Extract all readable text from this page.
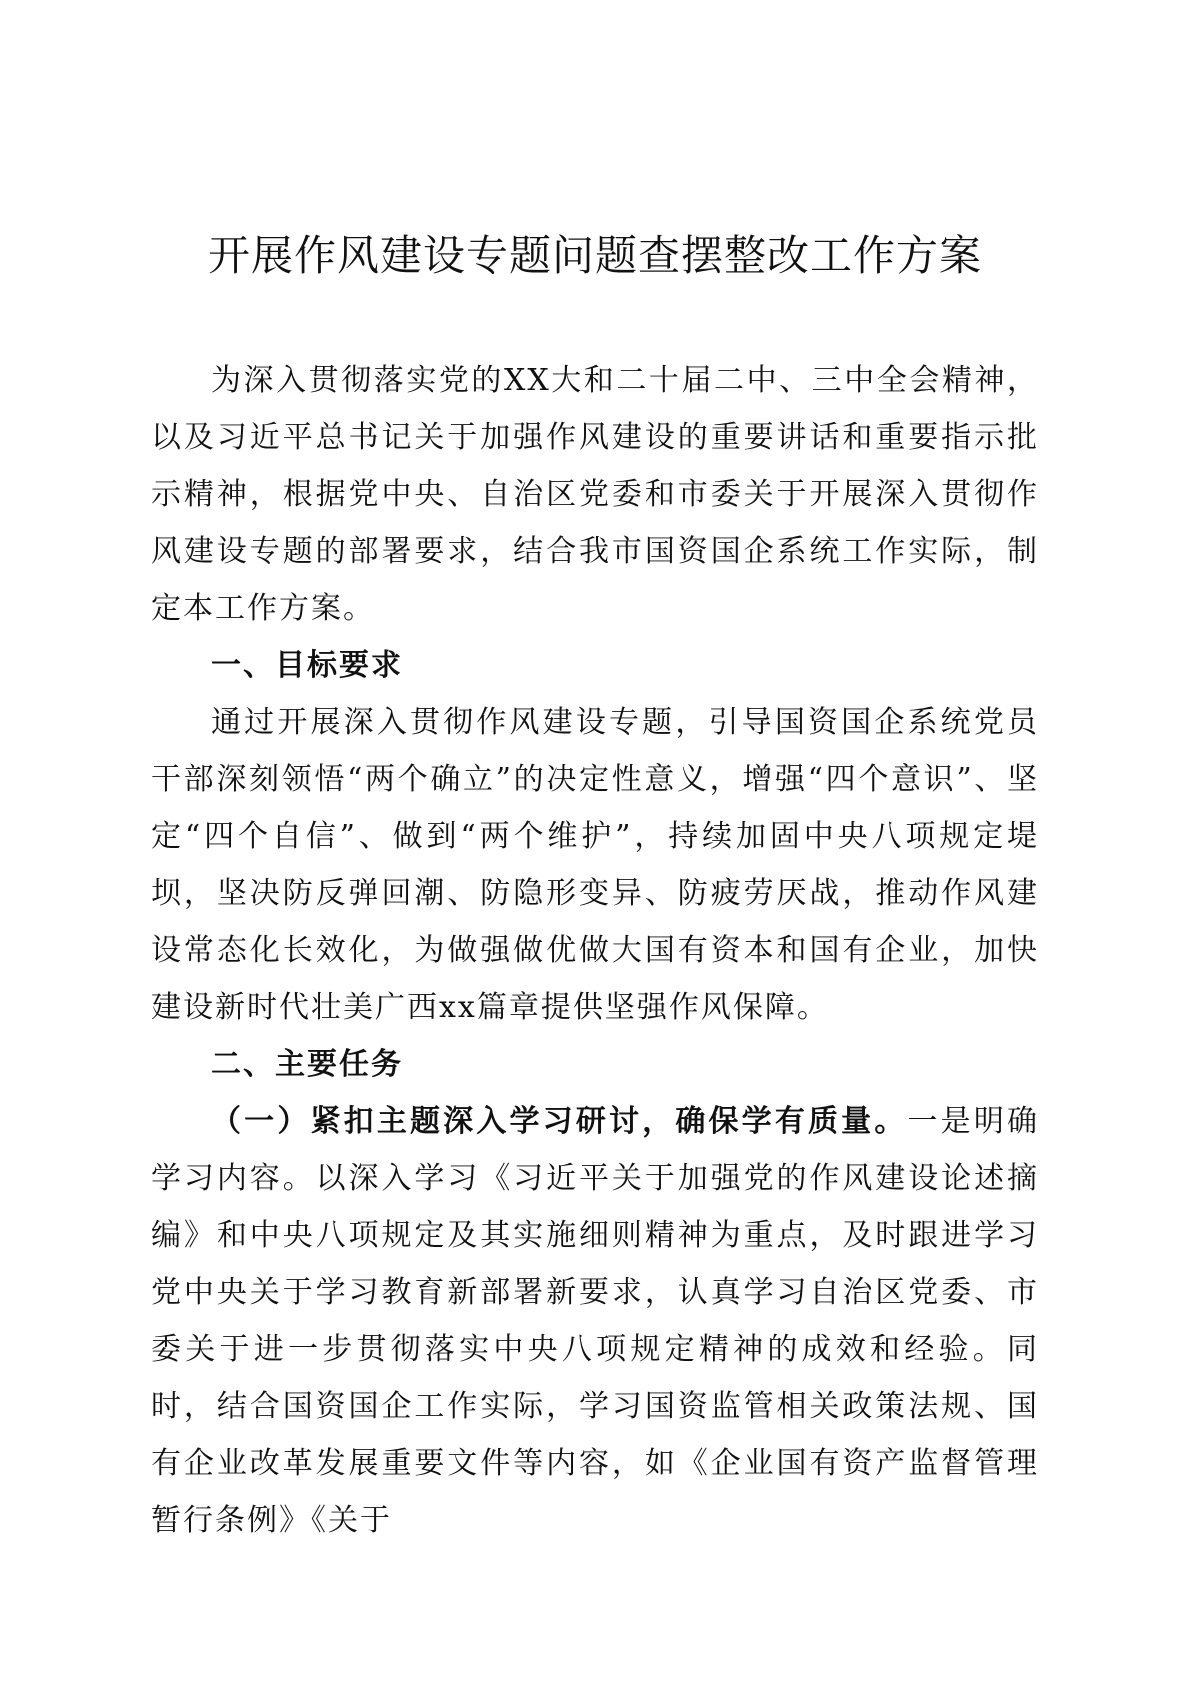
开展作风建设专题问题查摆整改工作方案

为深入贯彻落实党的XX大和二十届二中、三中全会精神，以及习近平总书记关于加强作风建设的重要讲话和重要指示批示精神，根据党中央、自治区党委和市委关于开展深入贯彻作风建设专题的部署要求，结合我市国资国企系统工作实际，制定本工作方案。

一、目标要求

通过开展深入贯彻作风建设专题，引导国资国企系统党员干部深刻领悟“两个确立”的决定性意义，增强“四个意识”、坚定“四个自信”、做到“两个维护”，持续加固中央八项规定堤坝，坚决防反弹回潮、防隐形变异、防疲劳厌战，推动作风建设常态化长效化，为做强做优做大国有资本和国有企业，加快建设新时代壮美广西xx篇章提供坚强作风保障。

二、主要任务

（一）紧扣主题深入学习研讨，确保学有质量。一是明确学习内容。以深入学习《习近平关于加强党的作风建设论述摘编》和中央八项规定及其实施细则精神为重点，及时跟进学习党中央关于学习教育新部署新要求，认真学习自治区党委、市委关于进一步贯彻落实中央八项规定精神的成效和经验。同时，结合国资国企工作实际，学习国资监管相关政策法规、国有企业改革发展重要文件等内容，如《企业国有资产监督管理暂行条例》《关于
